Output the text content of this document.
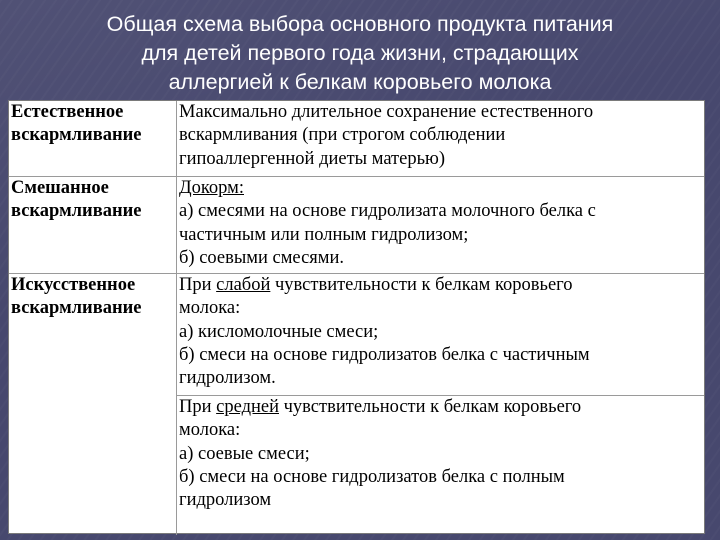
Общая схема выбора основного продукта питания
для детей первого года жизни, страдающих
аллергией к белкам коровьего молока
Естественное
вскармливание
Максимально длительное сохранение естественного
вскармливания (при строгом соблюдении
гипоаллергенной диеты матерью)
Смешанное
вскармливание
Докорм:
а) смесями на основе гидролизата молочного белка с
частичным или полным гидролизом;
б) соевыми смесями.
Искусственное
вскармливание
При слабой чувствительности к белкам коровьего
молока:
а) кисломолочные смеси;
б) смеси на основе гидролизатов белка с частичным
гидролизом.
При средней чувствительности к белкам коровьего
молока:
а) соевые смеси;
б) смеси на основе гидролизатов белка с полным
гидролизом
